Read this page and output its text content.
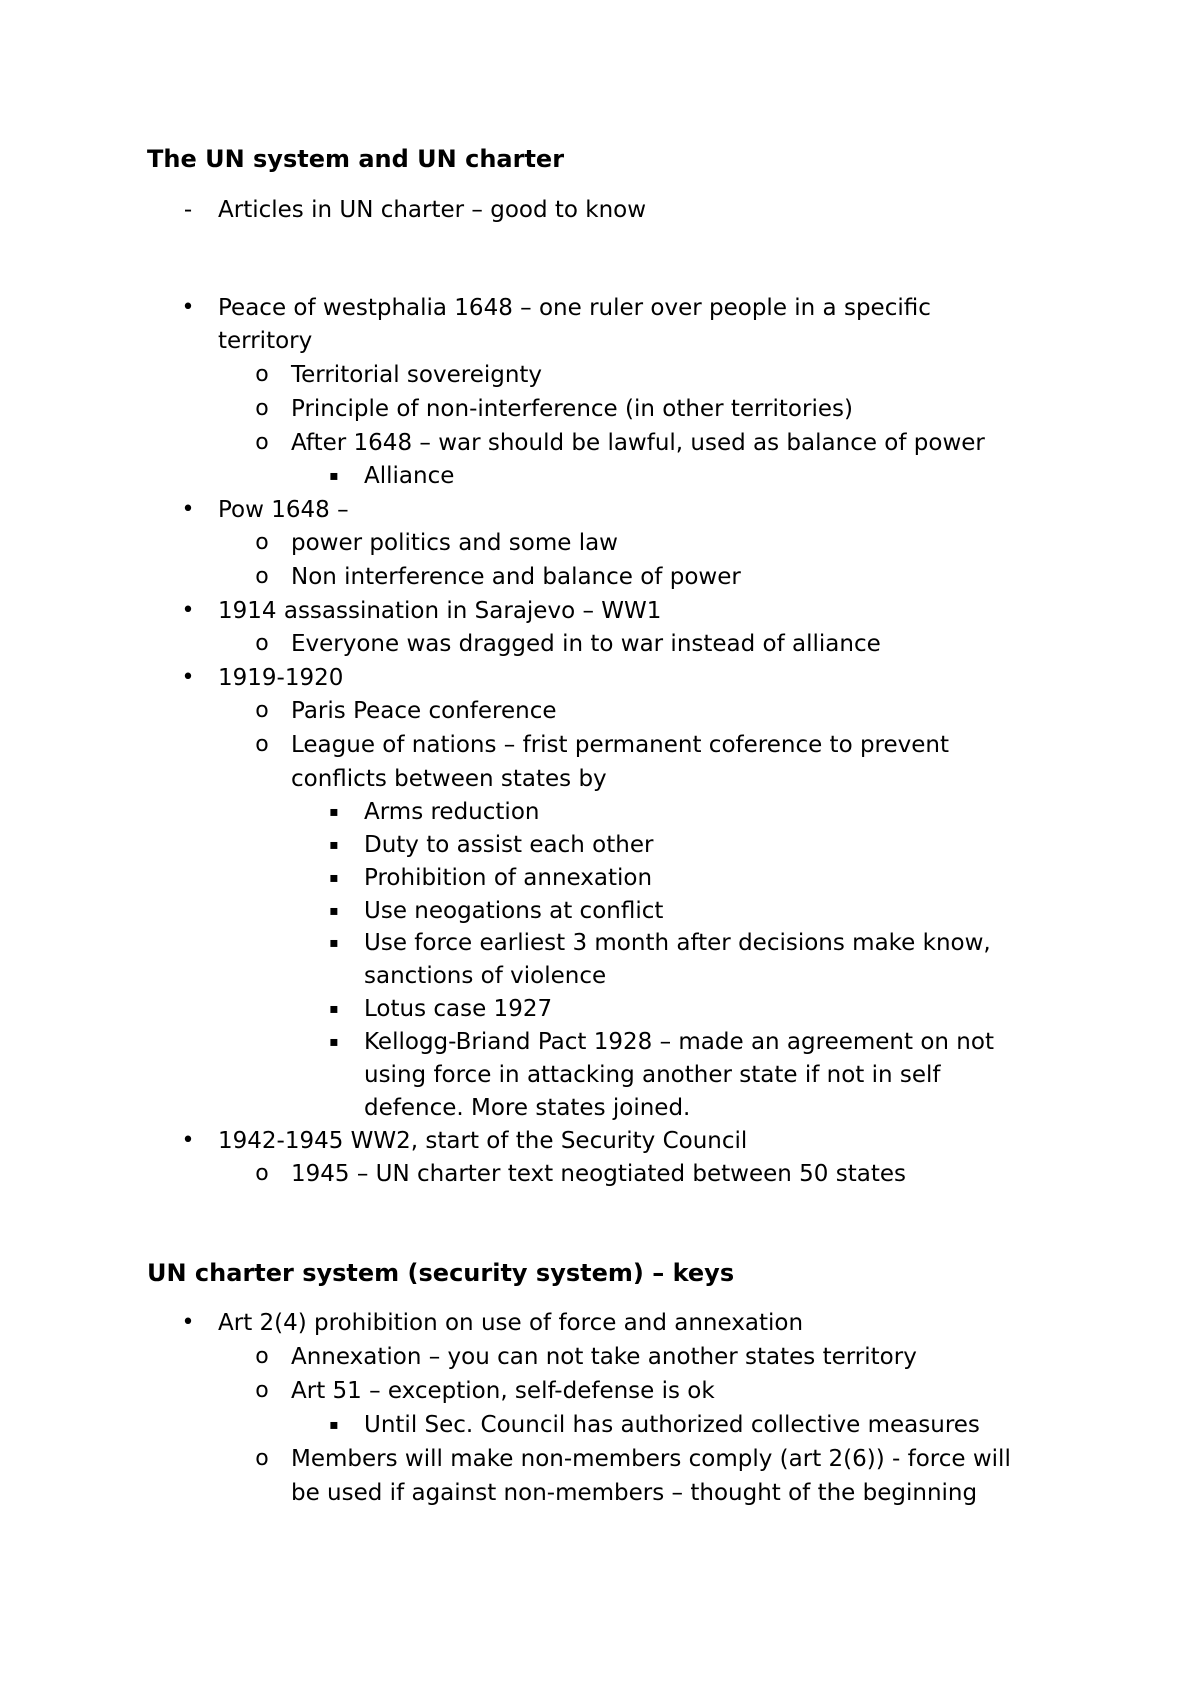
The UN system and UN charter
-	Articles in UN charter – good to know
• Peace of westphalia 1648 – one ruler over people in a specific
territory
o Territorial sovereignty
o Principle of non-interference (in other territories)
o After 1648 – war should be lawful, used as balance of power
▪	Alliance
• Pow 1648 –
o power politics and some law
o Non interference and balance of power
• 1914 assassination in Sarajevo – WW1
o Everyone was dragged in to war instead of alliance
• 1919-1920
o Paris Peace conference
o League of nations – frist permanent coference to prevent
conflicts between states by
▪	Arms reduction
▪	Duty to assist each other
▪	Prohibition of annexation
▪	Use neogations at conflict
▪	Use force earliest 3 month after decisions make know,
sanctions of violence
▪	Lotus case 1927
▪	Kellogg-Briand Pact 1928 – made an agreement on not
using force in attacking another state if not in self
defence. More states joined.
• 1942-1945 WW2, start of the Security Council
o 1945 – UN charter text neogtiated between 50 states
UN charter system (security system) – keys
• Art 2(4) prohibition on use of force and annexation
o Annexation – you can not take another states territory
o Art 51 – exception, self-defense is ok
▪	Until Sec. Council has authorized collective measures
o Members will make non-members comply (art 2(6)) - force will
be used if against non-members – thought of the beginning
